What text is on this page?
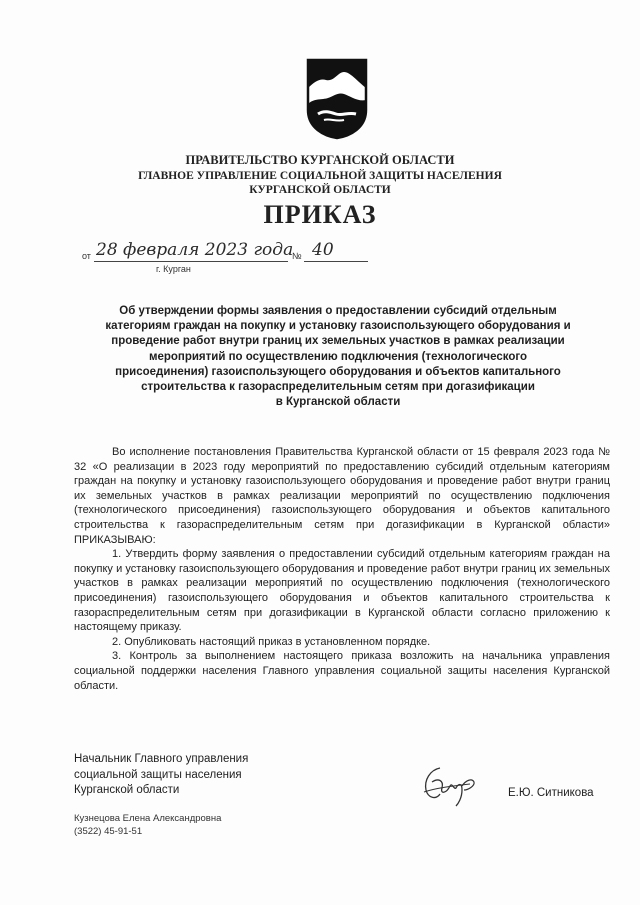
ПРАВИТЕЛЬСТВО КУРГАНСКОЙ ОБЛАСТИ
ГЛАВНОЕ УПРАВЛЕНИЕ СОЦИАЛЬНОЙ ЗАЩИТЫ НАСЕЛЕНИЯ
КУРГАНСКОЙ ОБЛАСТИ
ПРИКАЗ
от 28 февраля 2023 года
№ 40
г. Курган
Об утверждении формы заявления о предоставлении субсидий отдельным
категориям граждан на покупку и установку газоиспользующего оборудования и
проведение работ внутри границ их земельных участков в рамках реализации
мероприятий по осуществлению подключения (технологического
присоединения) газоиспользующего оборудования и объектов капитального
строительства к газораспределительным сетям при догазификации
в Курганской области

Во исполнение постановления Правительства Курганской области от 15 февраля 2023 года № 32 «О реализации в 2023 году мероприятий по предоставлению субсидий отдельным категориям граждан на покупку и установку газоиспользующего оборудования и проведение работ внутри границ их земельных участков в рамках реализации мероприятий по осуществлению подключения (технологического присоединения) газоиспользующего оборудования и объектов капитального строительства к газораспределительным сетям при догазификации в Курганской области» ПРИКАЗЫВАЮ:

1. Утвердить форму заявления о предоставлении субсидий отдельным категориям граждан на покупку и установку газоиспользующего оборудования и проведение работ внутри границ их земельных участков в рамках реализации мероприятий по осуществлению подключения (технологического присоединения) газоиспользующего оборудования и объектов капитального строительства к газораспределительным сетям при догазификации в Курганской области согласно приложению к настоящему приказу.

2. Опубликовать настоящий приказ в установленном порядке.

3. Контроль за выполнением настоящего приказа возложить на начальника управления социальной поддержки населения Главного управления социальной защиты населения Курганской области.

Начальник Главного управления
социальной защиты населения
Курганской области	Е.Ю. Ситникова
Кузнецова Елена Александровна
(3522) 45-91-51
